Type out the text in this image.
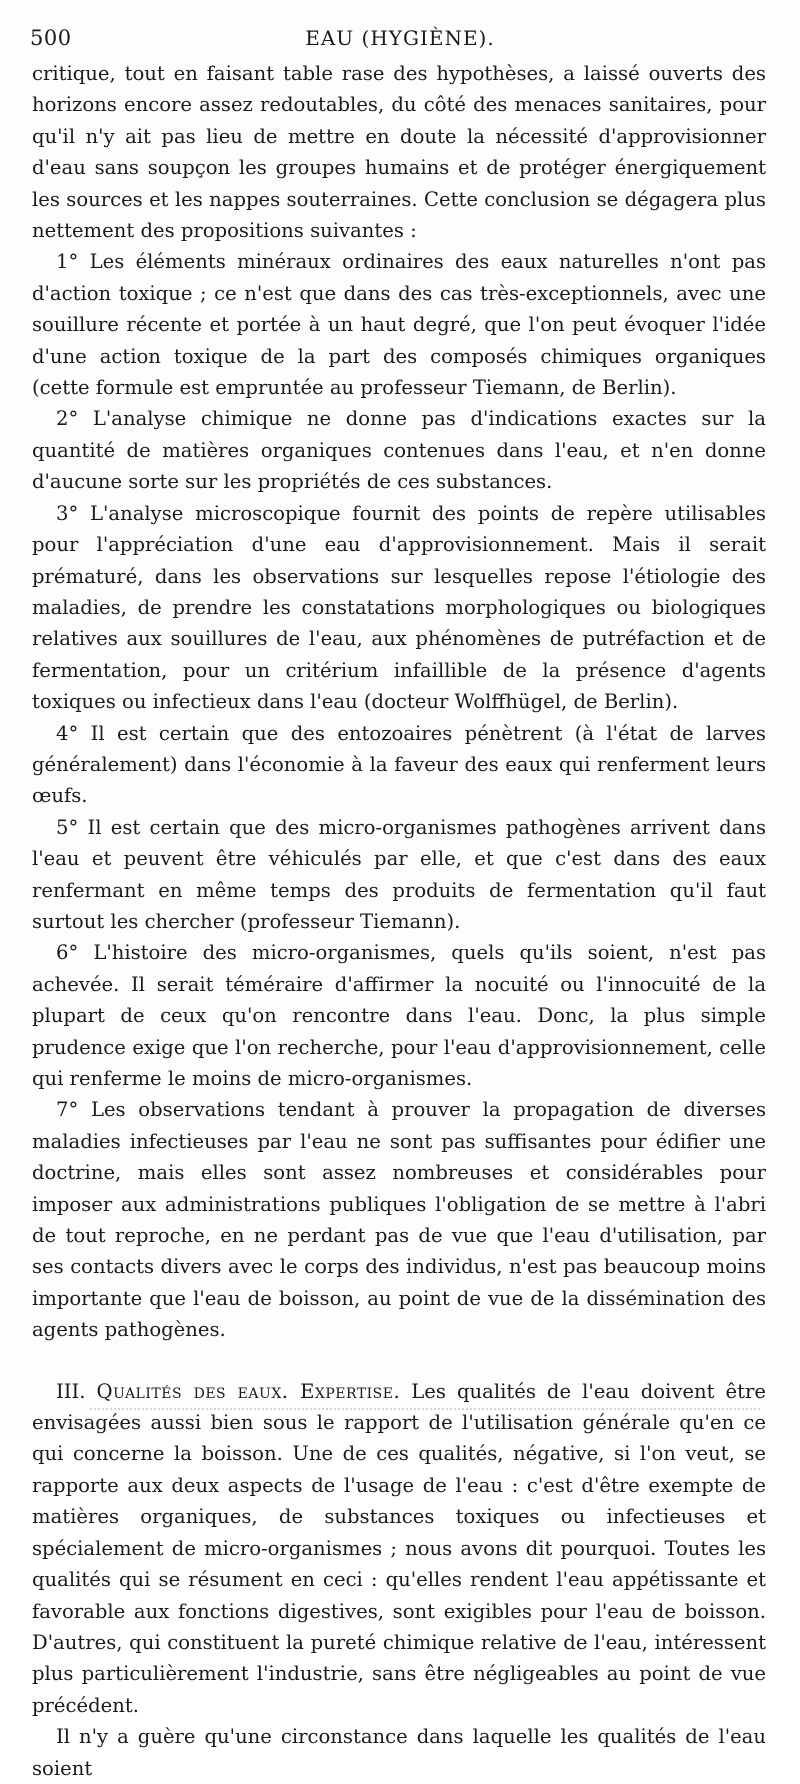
500	EAU (HYGIÈNE).

critique, tout en faisant table rase des hypothèses, a laissé ouverts des horizons encore assez redoutables, du côté des menaces sanitaires, pour qu'il n'y ait pas lieu de mettre en doute la nécessité d'approvisionner d'eau sans soupçon les groupes humains et de protéger énergiquement les sources et les nappes souterraines. Cette conclusion se dégagera plus nettement des propositions suivantes :

1° Les éléments minéraux ordinaires des eaux naturelles n'ont pas d'action toxique ; ce n'est que dans des cas très-exceptionnels, avec une souillure récente et portée à un haut degré, que l'on peut évoquer l'idée d'une action toxique de la part des composés chimiques organiques (cette formule est empruntée au professeur Tiemann, de Berlin).

2° L'analyse chimique ne donne pas d'indications exactes sur la quantité de matières organiques contenues dans l'eau, et n'en donne d'aucune sorte sur les propriétés de ces substances.

3° L'analyse microscopique fournit des points de repère utilisables pour l'appréciation d'une eau d'approvisionnement. Mais il serait prématuré, dans les observations sur lesquelles repose l'étiologie des maladies, de prendre les constatations morphologiques ou biologiques relatives aux souillures de l'eau, aux phénomènes de putréfaction et de fermentation, pour un critérium infaillible de la présence d'agents toxiques ou infectieux dans l'eau (docteur Wolffhügel, de Berlin).

4° Il est certain que des entozoaires pénètrent (à l'état de larves généralement) dans l'économie à la faveur des eaux qui renferment leurs œufs.

5° Il est certain que des micro-organismes pathogènes arrivent dans l'eau et peuvent être véhiculés par elle, et que c'est dans des eaux renfermant en même temps des produits de fermentation qu'il faut surtout les chercher (professeur Tiemann).

6° L'histoire des micro-organismes, quels qu'ils soient, n'est pas achevée. Il serait téméraire d'affirmer la nocuité ou l'innocuité de la plupart de ceux qu'on rencontre dans l'eau. Donc, la plus simple prudence exige que l'on recherche, pour l'eau d'approvisionnement, celle qui renferme le moins de micro-organismes.

7° Les observations tendant à prouver la propagation de diverses maladies infectieuses par l'eau ne sont pas suffisantes pour édifier une doctrine, mais elles sont assez nombreuses et considérables pour imposer aux administrations publiques l'obligation de se mettre à l'abri de tout reproche, en ne perdant pas de vue que l'eau d'utilisation, par ses contacts divers avec le corps des individus, n'est pas beaucoup moins importante que l'eau de boisson, au point de vue de la dissémination des agents pathogènes.

III. Qualités des eaux. Expertise. Les qualités de l'eau doivent être envisagées aussi bien sous le rapport de l'utilisation générale qu'en ce qui concerne la boisson. Une de ces qualités, négative, si l'on veut, se rapporte aux deux aspects de l'usage de l'eau : c'est d'être exempte de matières organiques, de substances toxiques ou infectieuses et spécialement de micro-organismes ; nous avons dit pourquoi. Toutes les qualités qui se résument en ceci : qu'elles rendent l'eau appétissante et favorable aux fonctions digestives, sont exigibles pour l'eau de boisson. D'autres, qui constituent la pureté chimique relative de l'eau, intéressent plus particulièrement l'industrie, sans être négligeables au point de vue précédent.

Il n'y a guère qu'une circonstance dans laquelle les qualités de l'eau soient
